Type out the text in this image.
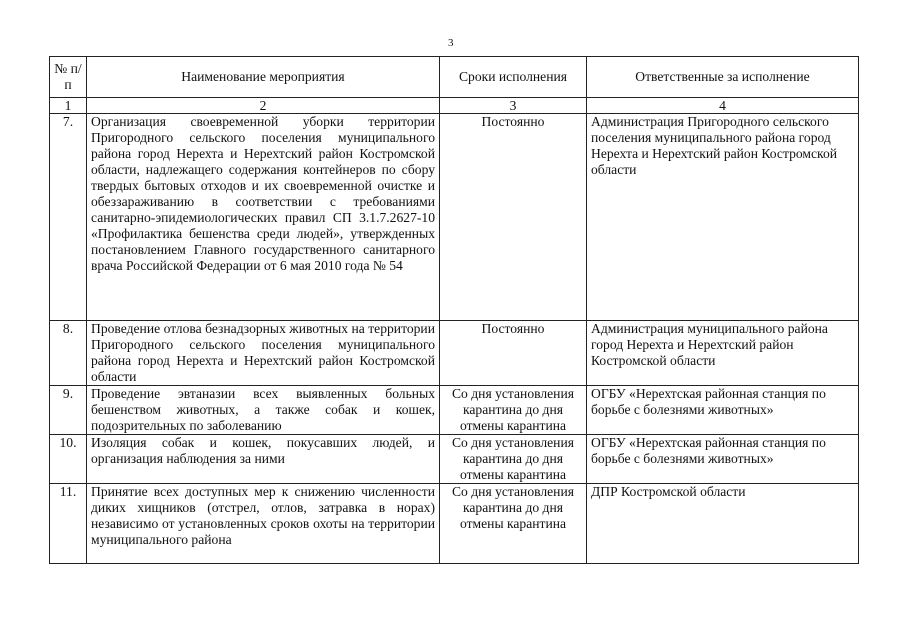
3
№ п/п	Наименование мероприятия	Сроки исполнения	Ответственные за исполнение
1	2	3	4
7.	Организация своевременной уборки территории Пригородного сельского поселения муниципального района город Нерехта и Нерехтский район Костромской области, надлежащего содержания контейнеров по сбору твердых бытовых отходов и их своевременной очистке и обеззараживанию в соответствии с требованиями санитарно-эпидемиологических правил СП 3.1.7.2627-10 «Профилактика бешенства среди людей», утвержденных постановлением Главного государственного санитарного врача Российской Федерации от 6 мая 2010 года № 54	Постоянно	Администрация Пригородного сельского поселения муниципального района город Нерехта и Нерехтский район Костромской области
8.	Проведение отлова безнадзорных животных на территории Пригородного сельского поселения муниципального района город Нерехта и Нерехтский район Костромской области	Постоянно	Администрация муниципального района город Нерехта и Нерехтский район Костромской области
9.	Проведение эвтаназии всех выявленных больных бешенством животных, а также собак и кошек, подозрительных по заболеванию	Со дня установления карантина до дня отмены карантина	ОГБУ «Нерехтская районная станция по борьбе с болезнями животных»
10.	Изоляция собак и кошек, покусавших людей, и организация наблюдения за ними	Со дня установления карантина до дня отмены карантина	ОГБУ «Нерехтская районная станция по борьбе с болезнями животных»
11.	Принятие всех доступных мер к снижению численности диких хищников (отстрел, отлов, затравка в норах) независимо от установленных сроков охоты на территории муниципального района	Со дня установления карантина до дня отмены карантина	ДПР Костромской области
